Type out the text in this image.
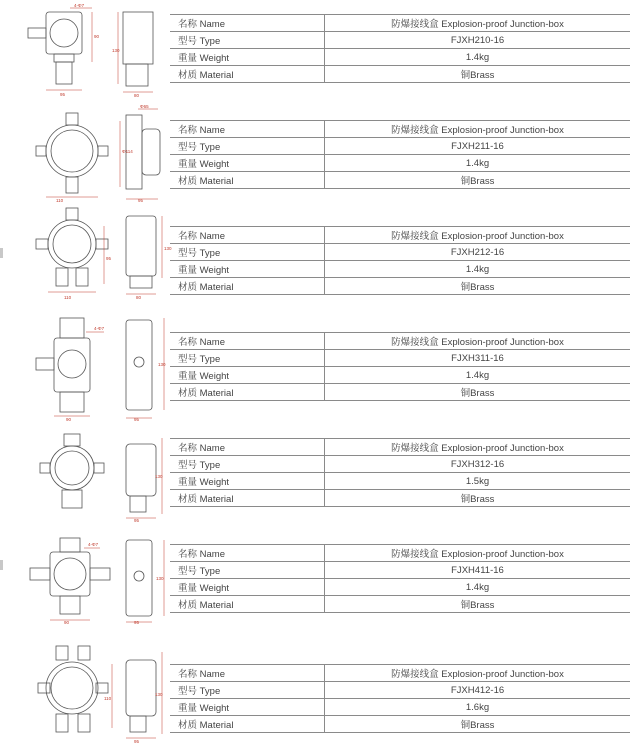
4-Φ7
90
130
95	80
名称 Name	防爆接线盒 Explosion-proof Junction-box
型号 Type	FJXH210-16
重量 Weight	1.4kg
材质 Material	铜Brass
Φ65
Φ114
110	95
名称 Name	防爆接线盒 Explosion-proof Junction-box
型号 Type	FJXH211-16
重量 Weight	1.4kg
材质 Material	铜Brass
130
95
110	80
名称 Name	防爆接线盒 Explosion-proof Junction-box
型号 Type	FJXH212-16
重量 Weight	1.4kg
材质 Material	铜Brass
4-Φ7
130
90	95
名称 Name	防爆接线盒 Explosion-proof Junction-box
型号 Type	FJXH311-16
重量 Weight	1.4kg
材质 Material	铜Brass
130
95
名称 Name	防爆接线盒 Explosion-proof Junction-box
型号 Type	FJXH312-16
重量 Weight	1.5kg
材质 Material	铜Brass
4-Φ7
130
90	95
名称 Name	防爆接线盒 Explosion-proof Junction-box
型号 Type	FJXH411-16
重量 Weight	1.4kg
材质 Material	铜Brass
130
95
110
名称 Name	防爆接线盒 Explosion-proof Junction-box
型号 Type	FJXH412-16
重量 Weight	1.6kg
材质 Material	铜Brass
